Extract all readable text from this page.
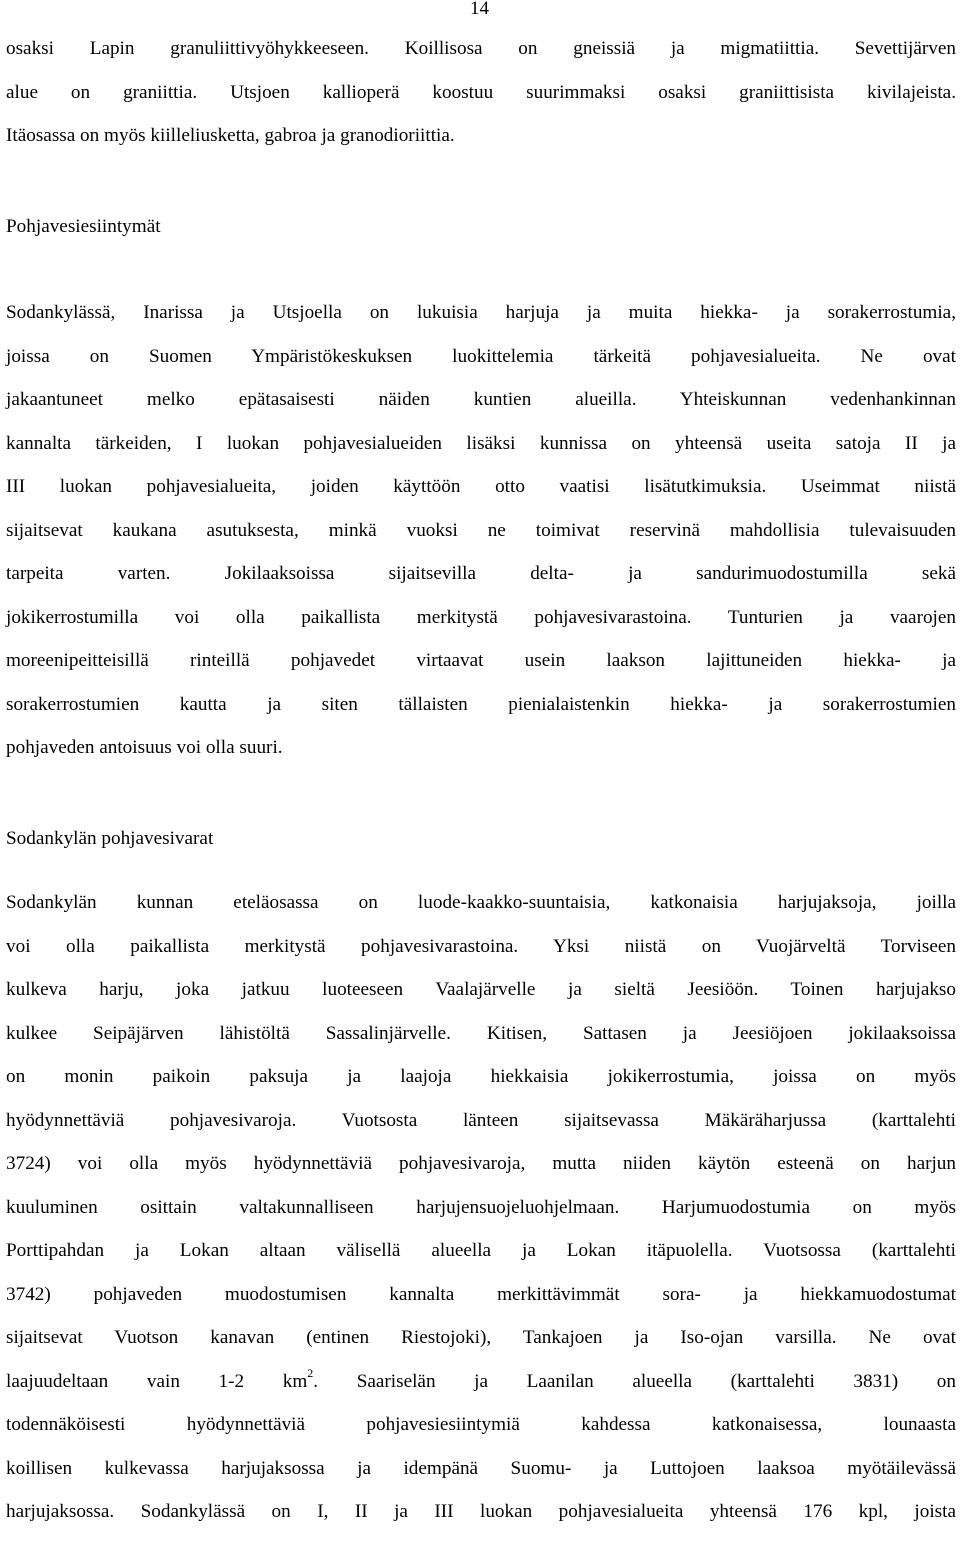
14
osaksi Lapin granuliittivyöhykkeeseen. Koillisosa on gneissiä ja migmatiittia. Sevettijärven
alue on graniittia. Utsjoen kallioperä koostuu suurimmaksi osaksi graniittisista kivilajeista.
Itäosassa on myös kiilleliusketta, gabroa ja granodioriittia.
Pohjavesiesiintymät
Sodankylässä, Inarissa ja Utsjoella on lukuisia harjuja ja muita hiekka- ja sorakerrostumia,
joissa on Suomen Ympäristökeskuksen luokittelemia tärkeitä pohjavesialueita. Ne ovat
jakaantuneet melko epätasaisesti näiden kuntien alueilla. Yhteiskunnan vedenhankinnan
kannalta tärkeiden, I luokan pohjavesialueiden lisäksi kunnissa on yhteensä useita satoja II ja
III luokan pohjavesialueita, joiden käyttöön otto vaatisi lisätutkimuksia. Useimmat niistä
sijaitsevat kaukana asutuksesta, minkä vuoksi ne toimivat reservinä mahdollisia tulevaisuuden
tarpeita varten. Jokilaaksoissa sijaitsevilla delta- ja sandurimuodostumilla sekä
jokikerrostumilla voi olla paikallista merkitystä pohjavesivarastoina. Tunturien ja vaarojen
moreenipeitteisillä rinteillä pohjavedet virtaavat usein laakson lajittuneiden hiekka- ja
sorakerrostumien kautta ja siten tällaisten pienialaistenkin hiekka- ja sorakerrostumien
pohjaveden antoisuus voi olla suuri.
Sodankylän pohjavesivarat
Sodankylän kunnan eteläosassa on luode-kaakko-suuntaisia, katkonaisia harjujaksoja, joilla
voi olla paikallista merkitystä pohjavesivarastoina. Yksi niistä on Vuojärveltä Torviseen
kulkeva harju, joka jatkuu luoteeseen Vaalajärvelle ja sieltä Jeesiöön. Toinen harjujakso
kulkee Seipäjärven lähistöltä Sassalinjärvelle. Kitisen, Sattasen ja Jeesiöjoen jokilaaksoissa
on monin paikoin paksuja ja laajoja hiekkaisia jokikerrostumia, joissa on myös
hyödynnettäviä pohjavesivaroja. Vuotsosta länteen sijaitsevassa Mäkäräharjussa (karttalehti
3724) voi olla myös hyödynnettäviä pohjavesivaroja, mutta niiden käytön esteenä on harjun
kuuluminen osittain valtakunnalliseen harjujensuojeluohjelmaan. Harjumuodostumia on myös
Porttipahdan ja Lokan altaan välisellä alueella ja Lokan itäpuolella. Vuotsossa (karttalehti
3742) pohjaveden muodostumisen kannalta merkittävimmät sora- ja hiekkamuodostumat
sijaitsevat Vuotson kanavan (entinen Riestojoki), Tankajoen ja Iso-ojan varsilla. Ne ovat
laajuudeltaan vain 1-2 $km^2$. Saariselän ja Laanilan alueella (karttalehti 3831) on
todennäköisesti hyödynnettäviä pohjavesiesiintymiä kahdessa katkonaisessa, lounaasta
koillisen kulkevassa harjujaksossa ja idempänä Suomu- ja Luttojoen laaksoa myötäilevässä
harjujaksossa. Sodankylässä on I, II ja III luokan pohjavesialueita yhteensä 176 kpl, joista
